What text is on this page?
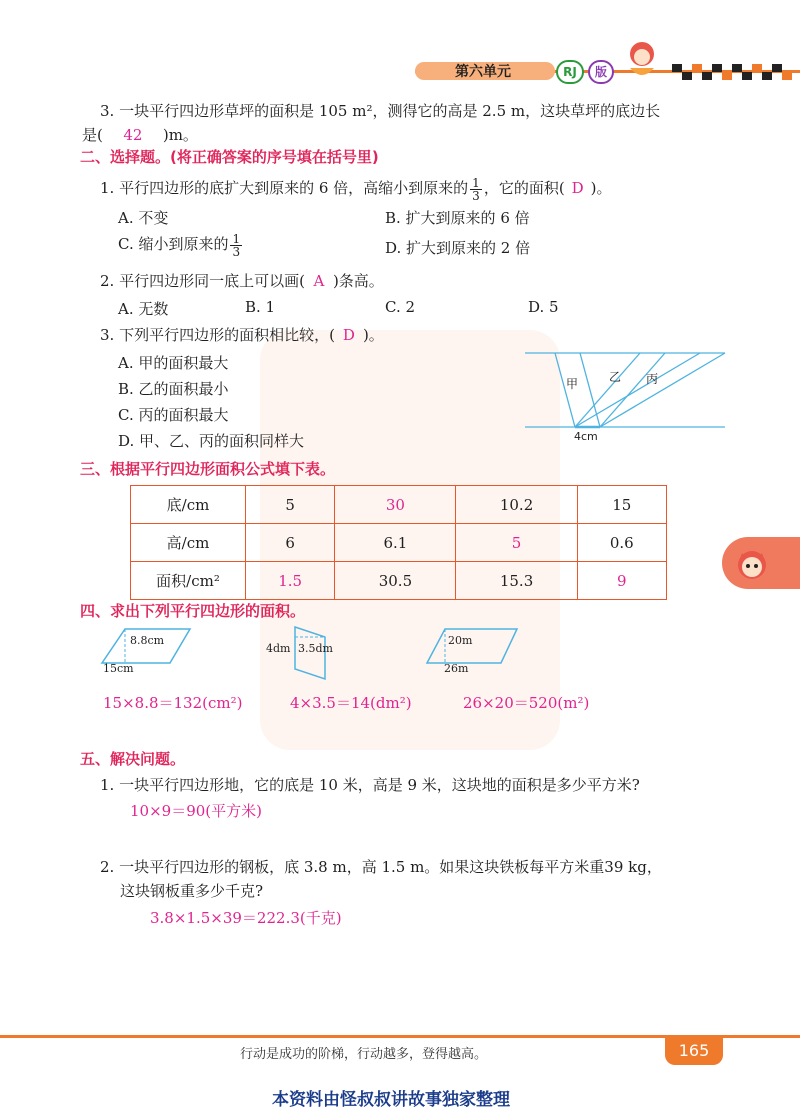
第六单元	RJ	版
3. 一块平行四边形草坪的面积是 105 m²，测得它的高是 2.5 m，这块草坪的底边长
是( 42 )m。
二、选择题。(将正确答案的序号填在括号里)
1. 平行四边形的底扩大到原来的 6 倍，高缩小到原来的 $\frac{1}{3}$ ，它的面积( D )。
A. 不变	B. 扩大到原来的 6 倍
C. 缩小到原来的 $\frac{1}{3}$	D. 扩大到原来的 2 倍
2. 平行四边形同一底上可以画( A )条高。
A. 无数	B. 1	C. 2	D. 5
3. 下列平行四边形的面积相比较，( D )。
A. 甲的面积最大
B. 乙的面积最小
C. 丙的面积最大
D. 甲、乙、丙的面积同样大
甲	乙 丙
4cm
三、根据平行四边形面积公式填下表。
底/cm	5	30	10.2	15
高/cm	6	6.1	5	0.6
面积/cm²	1.5	30.5	15.3	9
四、求出下列平行四边形的面积。
8.8cm
15cm
4dm 3.5dm
20m
26m
15×8.8＝132(cm²)	4×3.5＝14(dm²)	26×20＝520(m²)
五、解决问题。
1. 一块平行四边形地，它的底是 10 米，高是 9 米，这块地的面积是多少平方米?
10×9＝90(平方米)
2. 一块平行四边形的钢板，底 3.8 m，高 1.5 m。如果这块铁板每平方米重39 kg，
这块钢板重多少千克?
3.8×1.5×39＝222.3(千克)
行动是成功的阶梯，行动越多，登得越高。	165
本资料由怪叔叔讲故事独家整理
